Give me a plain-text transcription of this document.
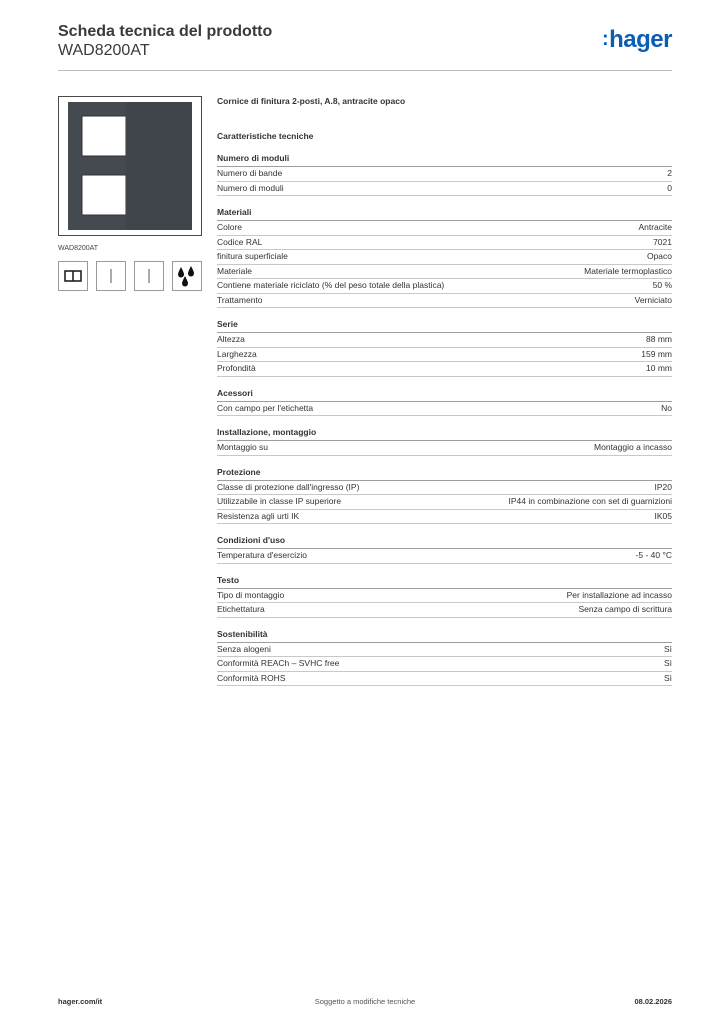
Scheda tecnica del prodotto
WAD8200AT
:hager
WAD8200AT
Cornice di finitura 2-posti, A.8, antracite opaco
Caratteristiche tecniche
Numero di moduli
Numero di bande	2
Numero di moduli	0
Materiali
Colore	Antracite
Codice RAL	7021
finitura superficiale	Opaco
Materiale	Materiale termoplastico
Contiene materiale riciclato (% del peso totale della plastica)	50 %
Trattamento	Verniciato
Serie
Altezza	88 mm
Larghezza	159 mm
Profondità	10 mm
Acessori
Con campo per l'etichetta	No
Installazione, montaggio
Montaggio su	Montaggio a incasso
Protezione
Classe di protezione dall'ingresso (IP)	IP20
Utilizzabile in classe IP superiore	IP44 in combinazione con set di guarnizioni
Resistenza agli urti IK	IK05
Condizioni d'uso
Temperatura d'esercizio	-5 - 40 °C
Testo
Tipo di montaggio	Per installazione ad incasso
Etichettatura	Senza campo di scrittura
Sostenibilità
Senza alogeni	Sì
Conformità REACh – SVHC free	Sì
Conformità ROHS	Sì
Soggetto a modifiche tecniche
hager.com/it	08.02.2026
